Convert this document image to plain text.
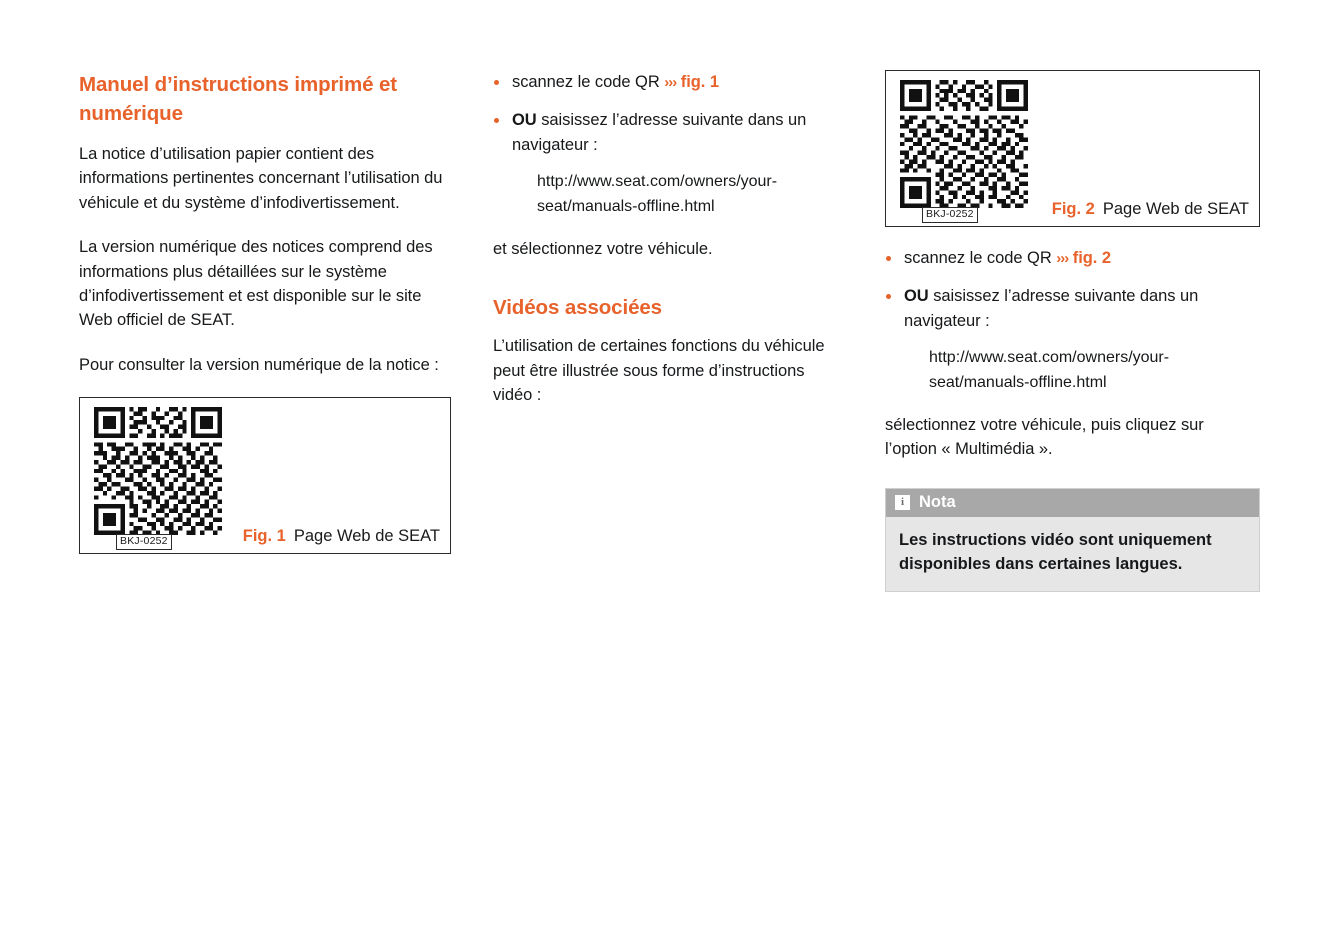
Manuel d’instructions imprimé et numérique

La notice d’utilisation papier contient des informations pertinentes concernant l’utilisation du véhicule et du système d’infodivertissement.

La version numérique des notices comprend des informations plus détaillées sur le système d’infodivertissement et est disponible sur le site Web officiel de SEAT.

Pour consulter la version numérique de la notice :

BKJ-0252	Fig. 1 Page Web de SEAT
scannez le code QR ››› fig. 1
OU saisissez l’adresse suivante dans un navigateur :
http://www.seat.com/owners/your-
seat/manuals-offline.html

et sélectionnez votre véhicule.

Vidéos associées

L’utilisation de certaines fonctions du véhicule peut être illustrée sous forme d’instructions vidéo :

BKJ-0252	Fig. 2 Page Web de SEAT
scannez le code QR ››› fig. 2
OU saisissez l’adresse suivante dans un navigateur :
http://www.seat.com/owners/your-
seat/manuals-offline.html

sélectionnez votre véhicule, puis cliquez sur l’option « Multimédia ».

i Nota
Les instructions vidéo sont uniquement disponibles dans certaines langues.
